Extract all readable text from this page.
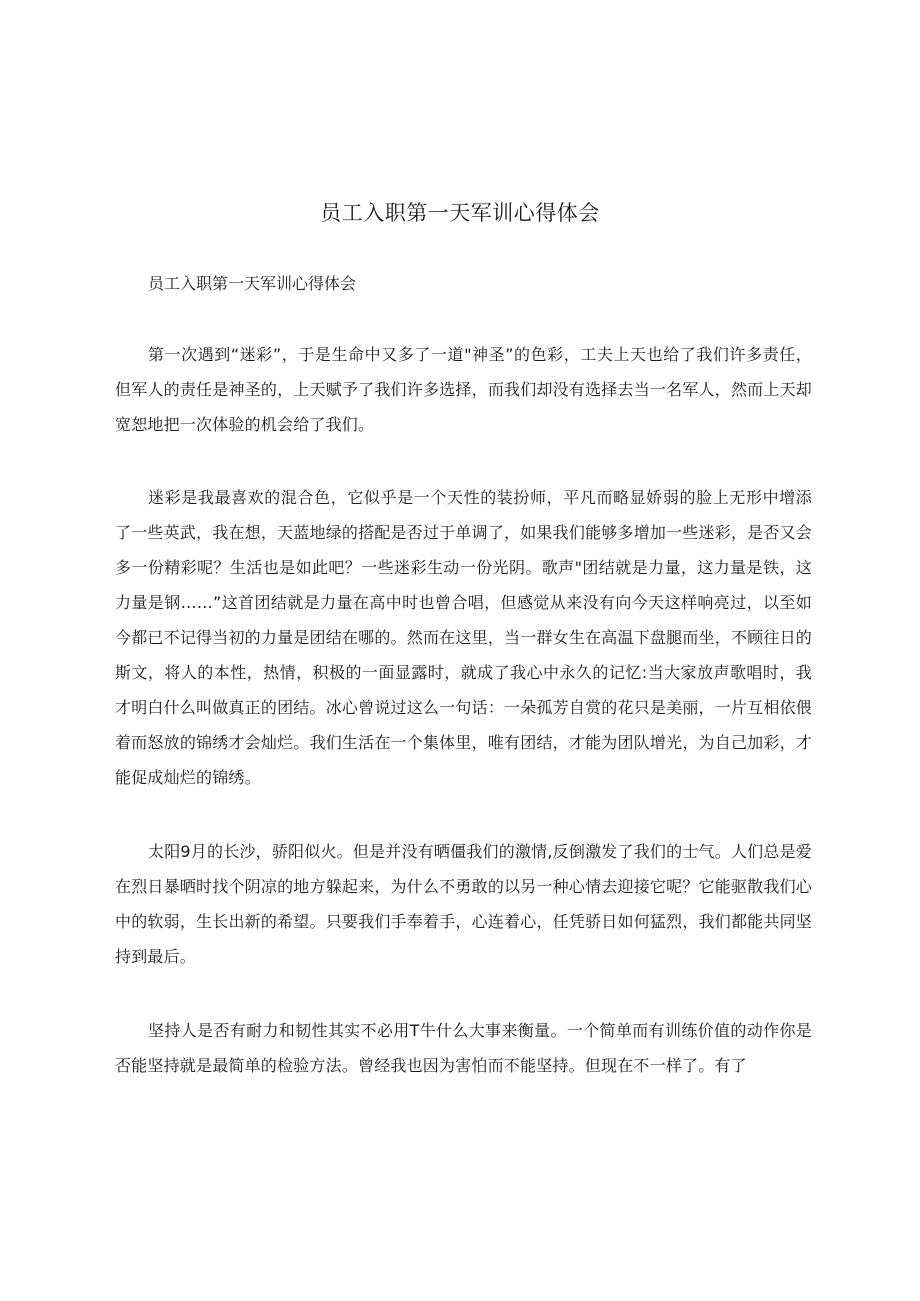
员工入职第一天军训心得体会

员工入职第一天军训心得体会

第一次遇到“迷彩”，于是生命中又多了一道"神圣”的色彩，工夫上天也给了我们许多责任，但军人的责任是神圣的，上天赋予了我们许多选择，而我们却没有选择去当一名军人，然而上天却宽恕地把一次体验的机会给了我们。

迷彩是我最喜欢的混合色，它似乎是一个天性的装扮师，平凡而略显娇弱的脸上无形中增添了一些英武，我在想，天蓝地绿的搭配是否过于单调了，如果我们能够多增加一些迷彩，是否又会多一份精彩呢？生活也是如此吧？一些迷彩生动一份光阴。歌声"团结就是力量，这力量是铁，这力量是钢……”这首团结就是力量在高中时也曾合唱，但感觉从来没有向今天这样响亮过，以至如今都已不记得当初的力量是团结在哪的。然而在这里，当一群女生在高温下盘腿而坐，不顾往日的斯文，将人的本性，热情，积极的一面显露时，就成了我心中永久的记忆:当大家放声歌唱时，我才明白什么叫做真正的团结。冰心曾说过这么一句话：一朵孤芳自赏的花只是美丽，一片互相依偎着而怒放的锦绣才会灿烂。我们生活在一个集体里，唯有团结，才能为团队增光，为自己加彩，才能促成灿烂的锦绣。

太阳9月的长沙，骄阳似火。但是并没有晒僵我们的激情,反倒激发了我们的士气。人们总是爱在烈日暴晒时找个阴凉的地方躲起来，为什么不勇敢的以另一种心情去迎接它呢？它能驱散我们心中的软弱，生长出新的希望。只要我们手奉着手，心连着心，任凭骄日如何猛烈，我们都能共同坚持到最后。

坚持人是否有耐力和韧性其实不必用T牛什么大事来衡量。一个简单而有训练价值的动作你是否能坚持就是最简单的检验方法。曾经我也因为害怕而不能坚持。但现在不一样了。有了
